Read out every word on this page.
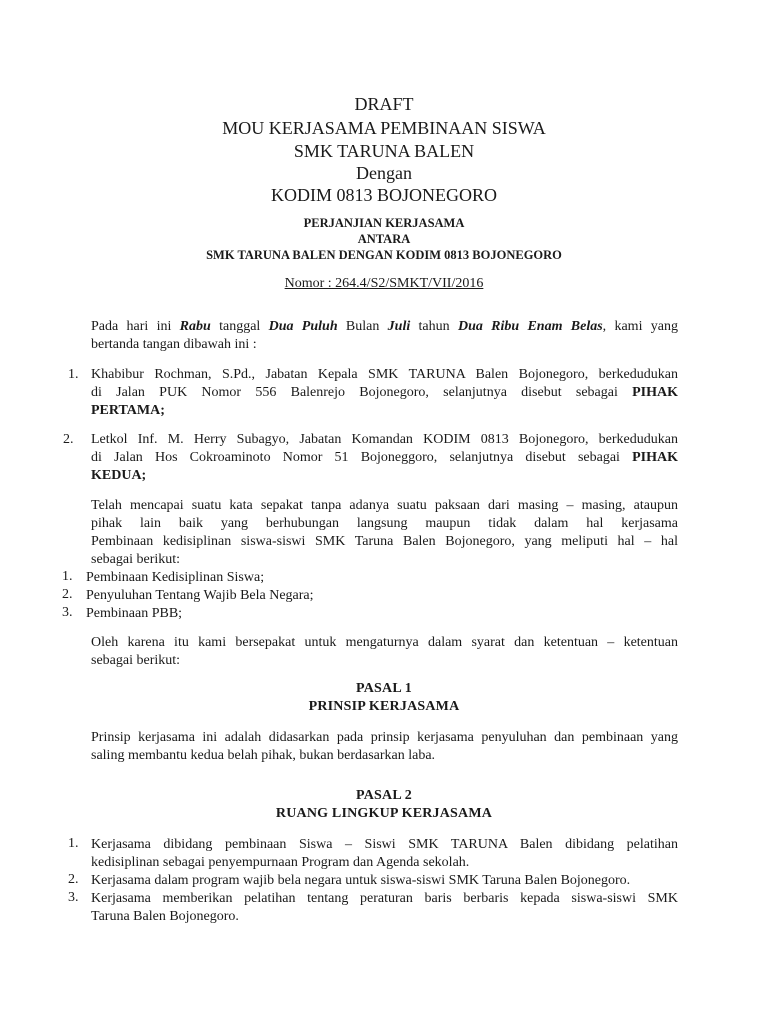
DRAFT
MOU KERJASAMA PEMBINAAN SISWA
SMK TARUNA BALEN
Dengan
KODIM 0813 BOJONEGORO
PERJANJIAN KERJASAMA
ANTARA
SMK TARUNA BALEN DENGAN KODIM 0813 BOJONEGORO
Nomor : 264.4/S2/SMKT/VII/2016
Pada hari ini Rabu tanggal Dua Puluh Bulan Juli tahun Dua Ribu Enam Belas, kami yang
bertanda tangan dibawah ini :
1. Khabibur Rochman, S.Pd., Jabatan Kepala SMK TARUNA Balen Bojonegoro, berkedudukan
di Jalan PUK Nomor 556 Balenrejo Bojonegoro, selanjutnya disebut sebagai PIHAK
PERTAMA;
2. Letkol Inf. M. Herry Subagyo, Jabatan Komandan KODIM 0813 Bojonegoro, berkedudukan
di Jalan Hos Cokroaminoto Nomor 51 Bojoneggoro, selanjutnya disebut sebagai PIHAK
KEDUA;
Telah mencapai suatu kata sepakat tanpa adanya suatu paksaan dari masing – masing, ataupun
pihak lain baik yang berhubungan langsung maupun tidak dalam hal kerjasama
Pembinaan kedisiplinan siswa-siswi SMK Taruna Balen Bojonegoro, yang meliputi hal – hal
sebagai berikut:
1. Pembinaan Kedisiplinan Siswa;
2. Penyuluhan Tentang Wajib Bela Negara;
3. Pembinaan PBB;
Oleh karena itu kami bersepakat untuk mengaturnya dalam syarat dan ketentuan – ketentuan
sebagai berikut:
PASAL 1
PRINSIP KERJASAMA
Prinsip kerjasama ini adalah didasarkan pada prinsip kerjasama penyuluhan dan pembinaan yang
saling membantu kedua belah pihak, bukan berdasarkan laba.
PASAL 2
RUANG LINGKUP KERJASAMA
1. Kerjasama dibidang pembinaan Siswa – Siswi SMK TARUNA Balen dibidang pelatihan
kedisiplinan sebagai penyempurnaan Program dan Agenda sekolah.
2. Kerjasama dalam program wajib bela negara untuk siswa-siswi SMK Taruna Balen Bojonegoro.
3. Kerjasama memberikan pelatihan tentang peraturan baris berbaris kepada siswa-siswi SMK
Taruna Balen Bojonegoro.
